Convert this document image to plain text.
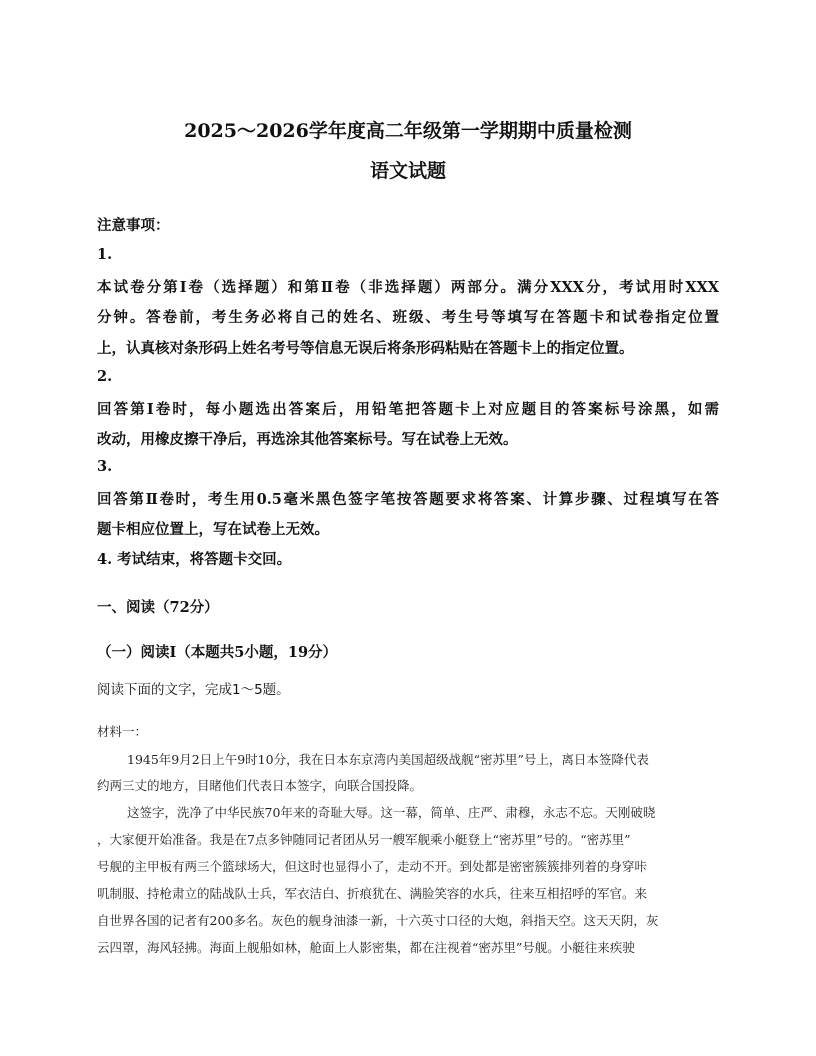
2025～2026学年度高二年级第一学期期中质量检测
语文试题
注意事项：
1.
本试卷分第Ⅰ卷（选择题）和第Ⅱ卷（非选择题）两部分。满分XXX分，考试用时XXX
分钟。答卷前，考生务必将自己的姓名、班级、考生号等填写在答题卡和试卷指定位置
上，认真核对条形码上姓名考号等信息无误后将条形码粘贴在答题卡上的指定位置。
2.
回答第Ⅰ卷时，每小题选出答案后，用铅笔把答题卡上对应题目的答案标号涂黑，如需
改动，用橡皮擦干净后，再选涂其他答案标号。写在试卷上无效。
3.
回答第Ⅱ卷时，考生用0.5毫米黑色签字笔按答题要求将答案、计算步骤、过程填写在答
题卡相应位置上，写在试卷上无效。
4. 考试结束，将答题卡交回。
一、阅读（72分）
（一）阅读Ⅰ（本题共5小题，19分）
阅读下面的文字，完成1～5题。
材料一：
1945年9月2日上午9时10分，我在日本东京湾内美国超级战舰“密苏里”号上，离日本签降代表
约两三丈的地方，目睹他们代表日本签字，向联合国投降。
这签字，洗净了中华民族70年来的奇耻大辱。这一幕，简单、庄严、肃穆，永志不忘。天刚破晓
，大家便开始准备。我是在7点多钟随同记者团从另一艘军舰乘小艇登上“密苏里”号的。“密苏里”
号舰的主甲板有两三个篮球场大，但这时也显得小了，走动不开。到处都是密密簇簇排列着的身穿咔
叽制服、持枪肃立的陆战队士兵，军衣洁白、折痕犹在、满脸笑容的水兵，往来互相招呼的军官。来
自世界各国的记者有200多名。灰色的舰身油漆一新，十六英寸口径的大炮，斜指天空。这天天阴，灰
云四罩，海风轻拂。海面上舰船如林，舱面上人影密集，都在注视着“密苏里”号舰。小艇往来疾驶
